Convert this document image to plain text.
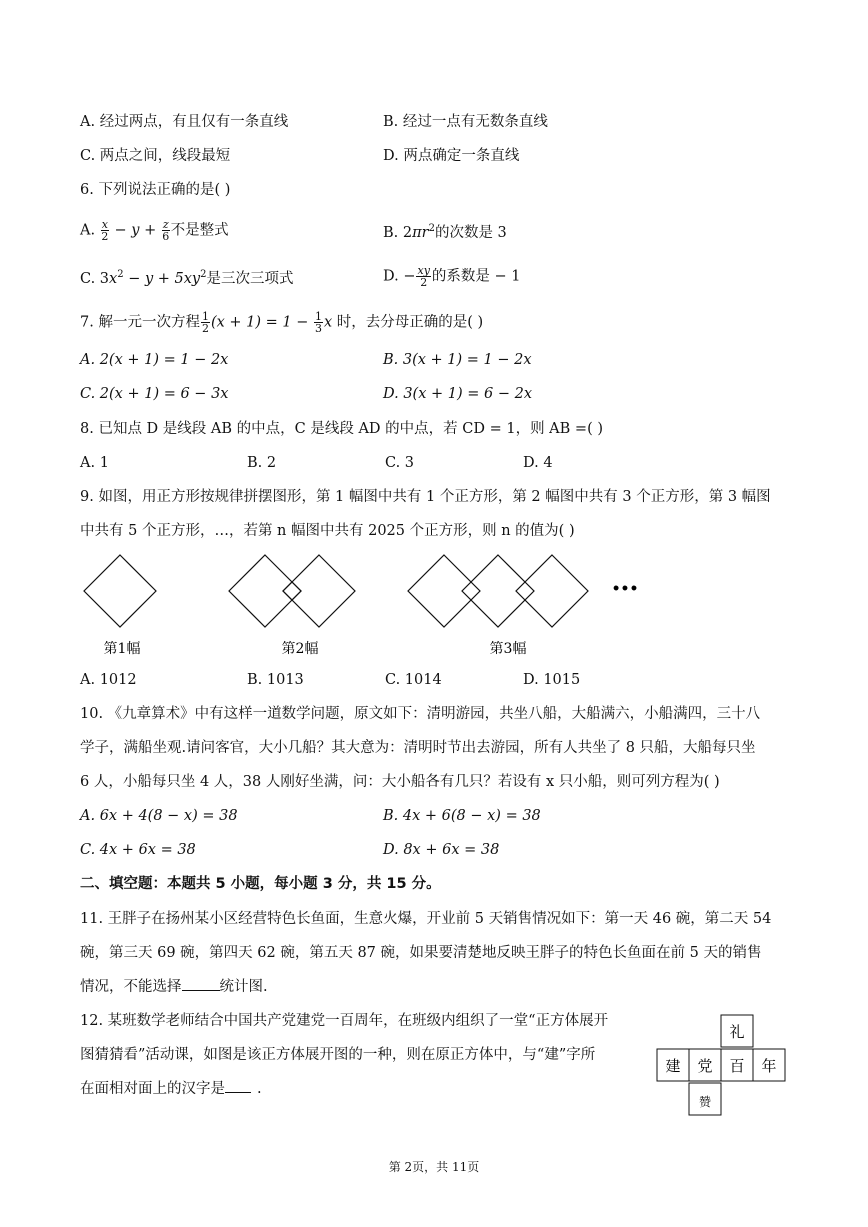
A. 经过两点，有且仅有一条直线	B. 经过一点有无数条直线
C. 两点之间，线段最短	D. 两点确定一条直线
6. 下列说法正确的是( )
A. $\frac{x}{2} - y + \frac{z}{6}$ 不是整式	B. $2\pi r^2$的次数是 3
C. $3x^2 - y + 5xy^2$是三次三项式	D. − $\frac{xy}{2}$ 的系数是 − 1
7. 解一元一次方程 $\frac{1}{2} (x + 1) = 1 - \frac{1}{3}$ x 时，去分母正确的是( )
A. 2(x + 1) = 1 − 2x	B. 3(x + 1) = 1 − 2x
C. 2(x + 1) = 6 − 3x	D. 3(x + 1) = 6 − 2x
8. 已知点 D 是线段 AB 的中点，C 是线段 AD 的中点，若 CD = 1，则 AB =( )
A. 1	B. 2	C. 3	D. 4
9. 如图，用正方形按规律拼摆图形，第 1 幅图中共有 1 个正方形，第 2 幅图中共有 3 个正方形，第 3 幅图
中共有 5 个正方形，…，若第 n 幅图中共有 2025 个正方形，则 n 的值为( )
第1幅	第2幅	第3幅
•••
A. 1012	B. 1013	C. 1014	D. 1015
10. 《九章算术》中有这样一道数学问题，原文如下：清明游园，共坐八船，大船满六，小船满四，三十八
学子，满船坐观.请问客官，大小几船？其大意为：清明时节出去游园，所有人共坐了 8 只船，大船每只坐
6 人，小船每只坐 4 人，38 人刚好坐满，问：大小船各有几只？若设有 x 只小船，则可列方程为( )
A. 6x + 4(8 − x) = 38	B. 4x + 6(8 − x) = 38
C. 4x + 6x = 38	D. 8x + 6x = 38
二、填空题：本题共 5 小题，每小题 3 分，共 15 分。
11. 王胖子在扬州某小区经营特色长鱼面，生意火爆，开业前 5 天销售情况如下：第一天 46 碗，第二天 54
碗，第三天 69 碗，第四天 62 碗，第五天 87 碗，如果要清楚地反映王胖子的特色长鱼面在前 5 天的销售
情况，不能选择	统计图.
12. 某班数学老师结合中国共产党建党一百周年，在班级内组织了一堂“正方体展开
图猜猜看”活动课，如图是该正方体展开图的一种，则在原正方体中，与“建”字所
在面相对面上的汉字是 .
礼
建 党 百 年
赞
第 2页，共 11页
